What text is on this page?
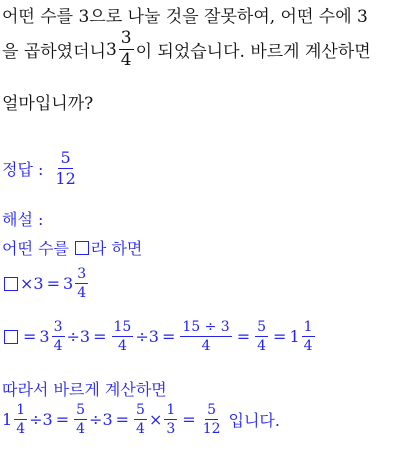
어떤 수를 3으로 나눌 것을 잘못하여, 어떤 수에 3
을 곱하였더니 $3 \frac{3}{4}$ 이 되었습니다. 바르게 계산하면
얼마입니까?
정답 : $\frac{5}{12}$
해설 :
어떤 수를 라 하면
× $3 = 3 \frac{3}{4}$
= $3 \frac{3}{4} \div 3 = \frac{15}{4} \div 3 = \frac{15 \div 3}{4} = \frac{5}{4} = 1 \frac{1}{4}$
따라서 바르게 계산하면
$1 \frac{1}{4} \div 3 = \frac{5}{4} \div 3 = \frac{5}{4} \times \frac{1}{3} = \frac{5}{12}$ 입니다.
